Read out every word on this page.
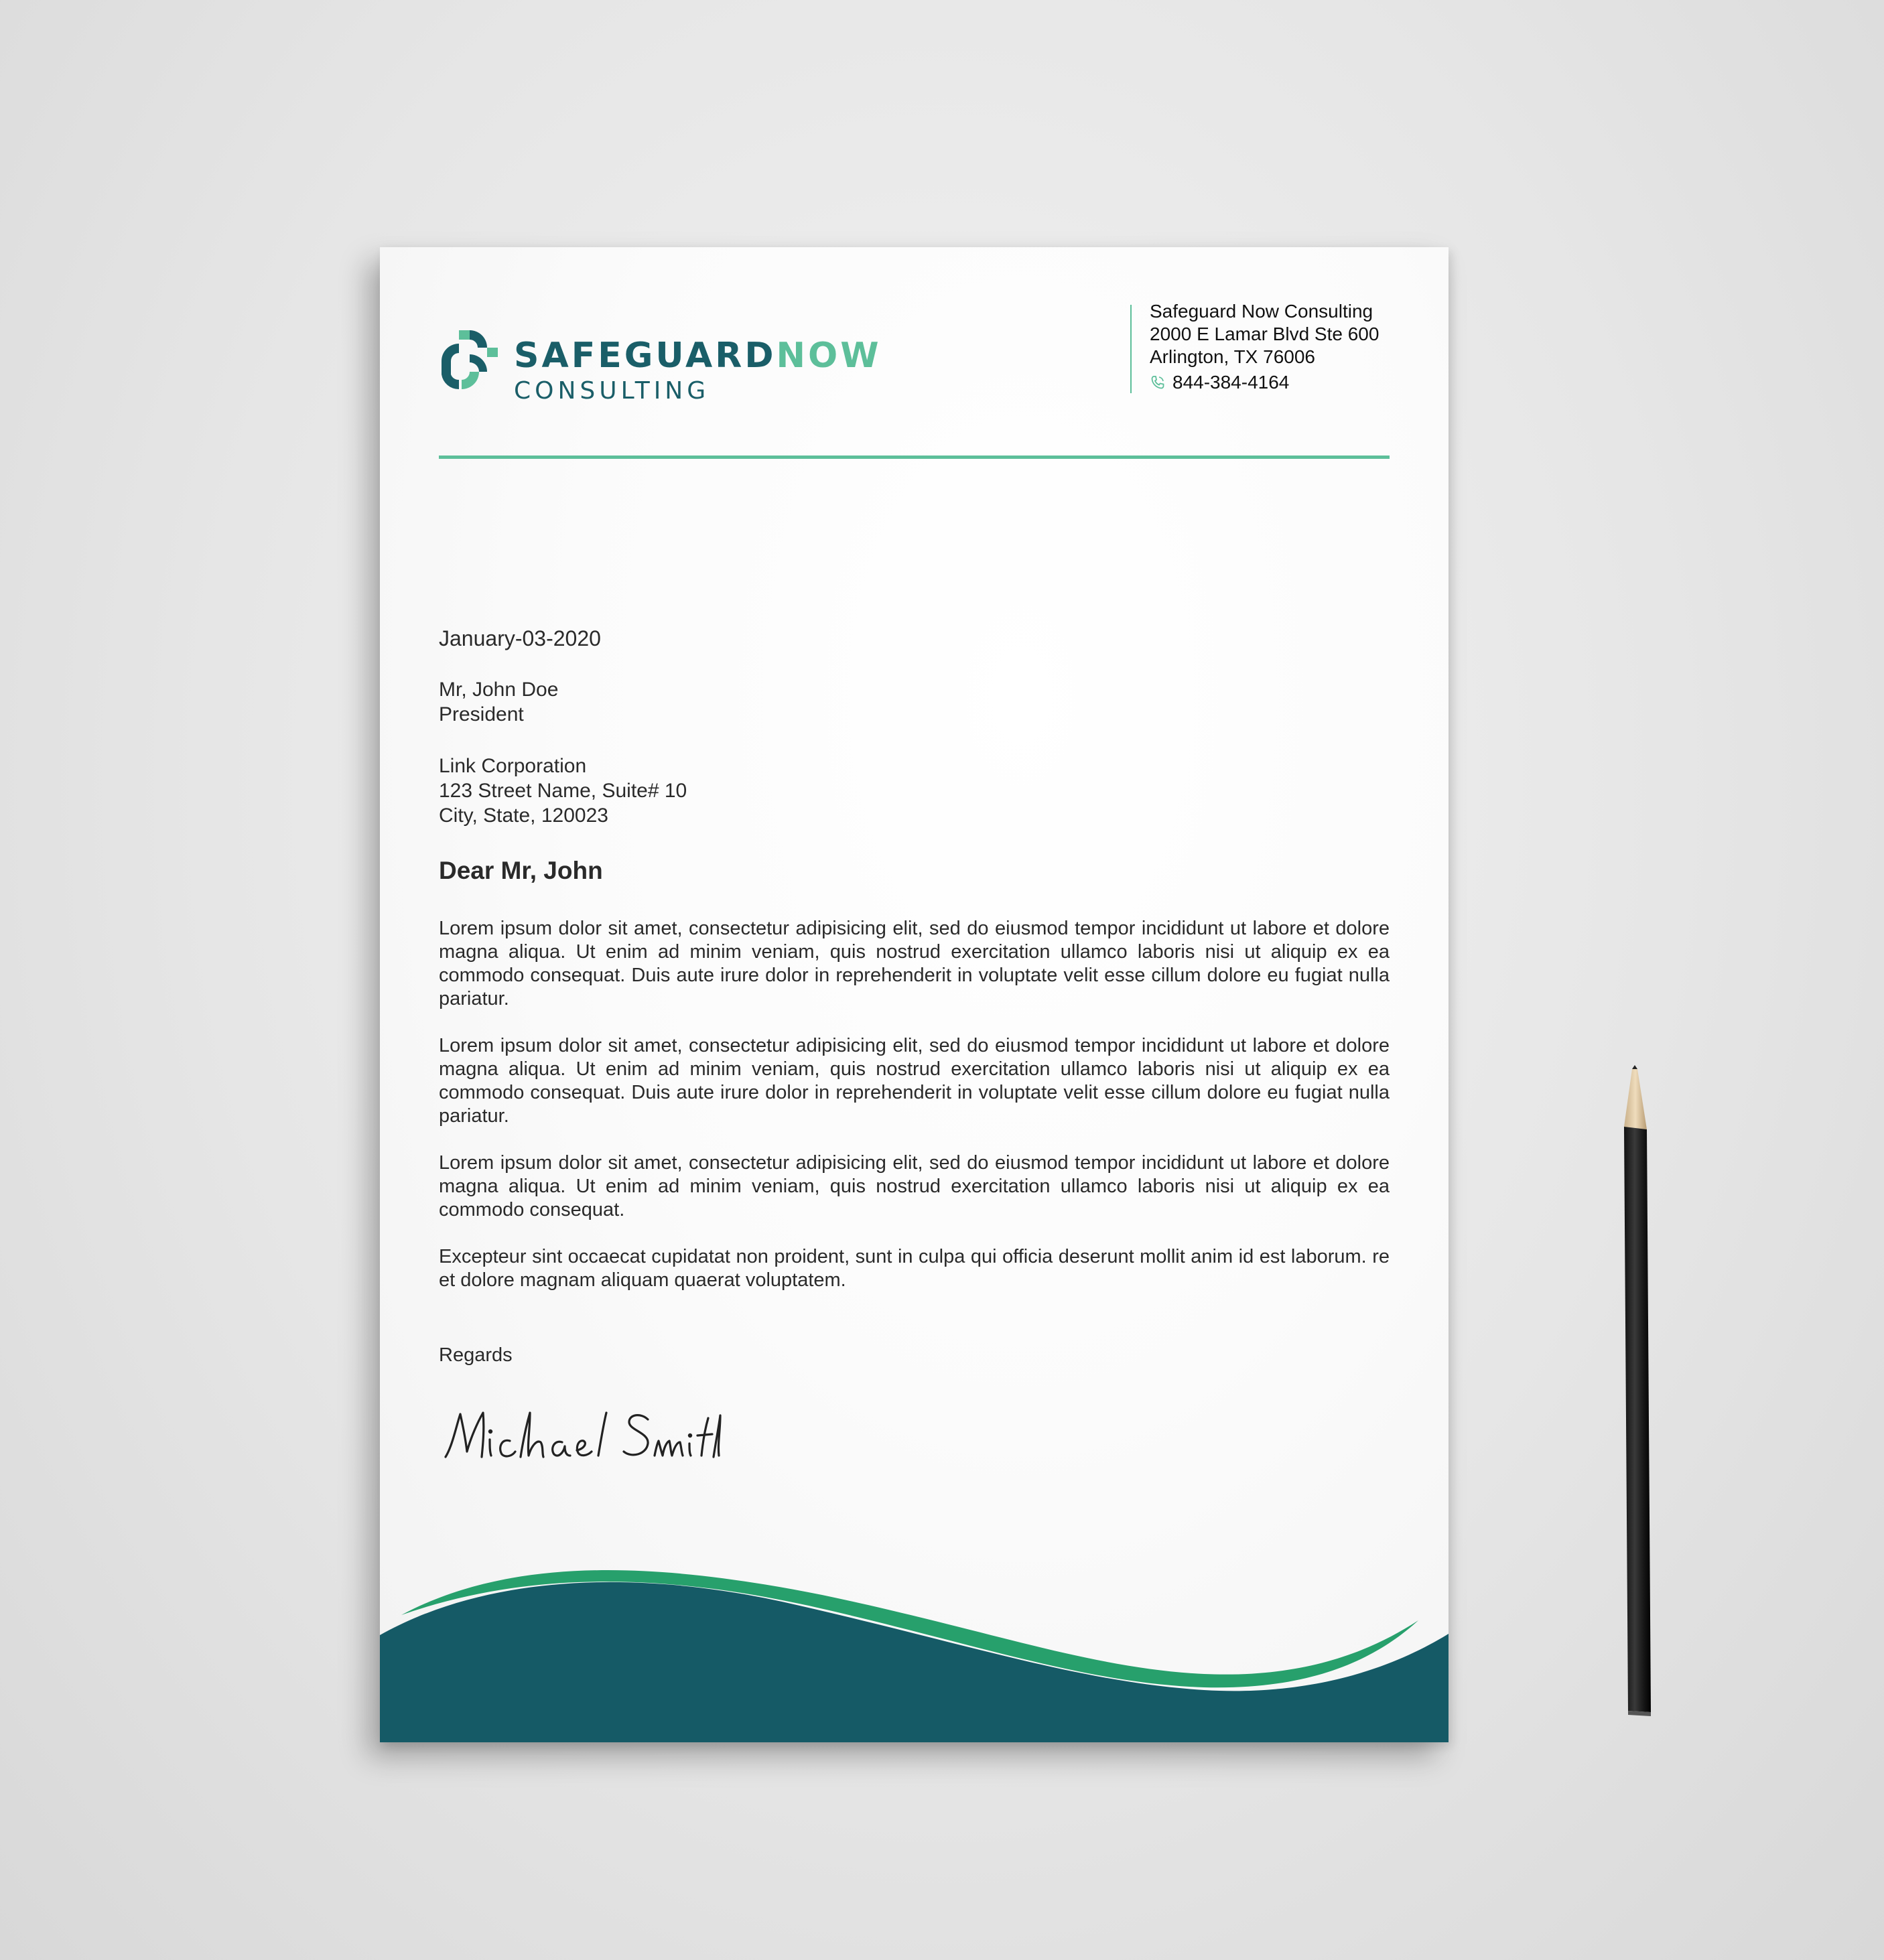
SAFEGUARDNOW
CONSULTING
Safeguard Now Consulting
2000 E Lamar Blvd Ste 600
Arlington, TX 76006
844-384-4164
January-03-2020
Mr, John Doe
President
Link Corporation
123 Street Name, Suite# 10
City, State, 120023
Dear Mr, John

Lorem ipsum dolor sit amet, consectetur adipisicing elit, sed do eiusmod tempor incididunt ut labore et dolore magna aliqua. Ut enim ad minim veniam, quis nostrud exercitation ullamco laboris nisi ut aliquip ex ea commodo consequat. Duis aute irure dolor in reprehenderit in voluptate velit esse cillum dolore eu fugiat nulla pariatur.

Lorem ipsum dolor sit amet, consectetur adipisicing elit, sed do eiusmod tempor incididunt ut labore et dolore magna aliqua. Ut enim ad minim veniam, quis nostrud exercitation ullamco laboris nisi ut aliquip ex ea commodo consequat. Duis aute irure dolor in reprehenderit in voluptate velit esse cillum dolore eu fugiat nulla pariatur.

Lorem ipsum dolor sit amet, consectetur adipisicing elit, sed do eiusmod tempor incididunt ut labore et dolore magna aliqua. Ut enim ad minim veniam, quis nostrud exercitation ullamco laboris nisi ut aliquip ex ea commodo consequat.

Excepteur sint occaecat cupidatat non proident, sunt in culpa qui officia deserunt mollit anim id est laborum. re et dolore magnam aliquam quaerat voluptatem.

Regards
